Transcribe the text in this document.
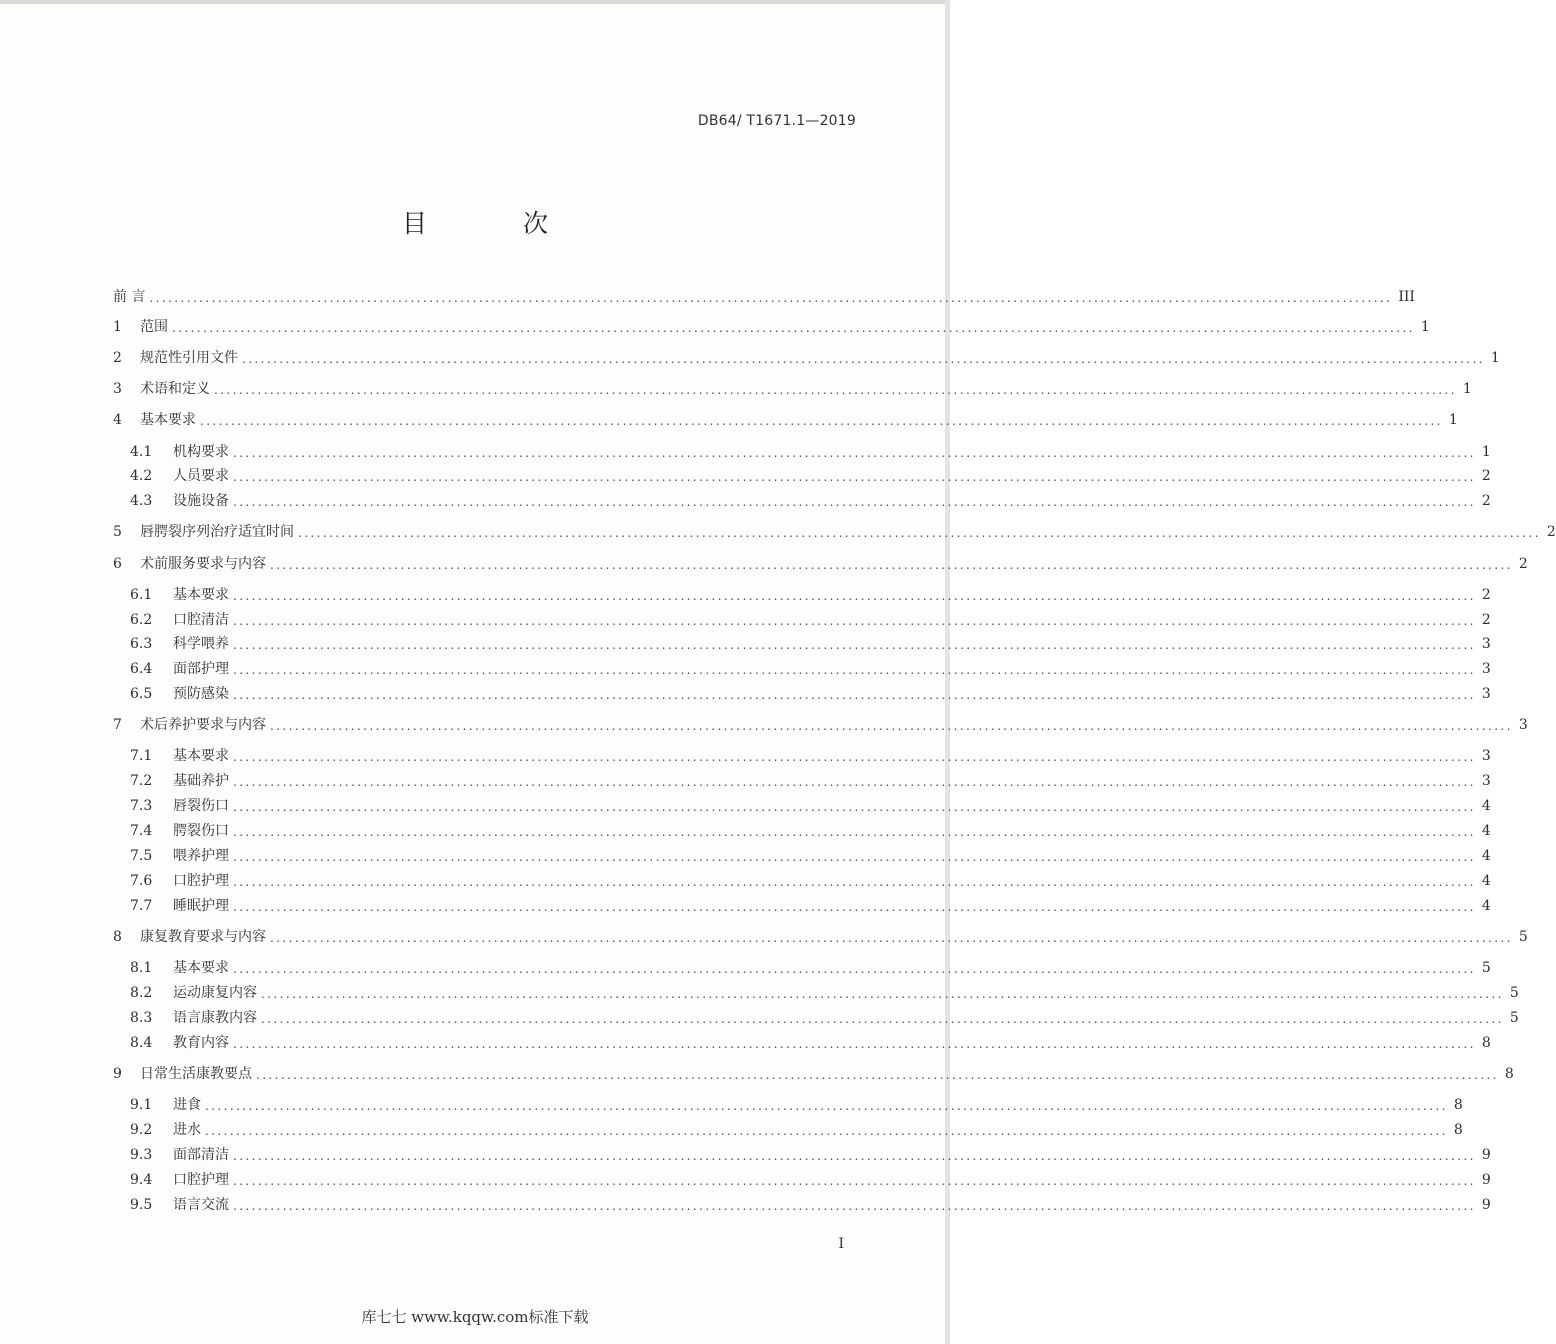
DB64/ T1671.1—2019
目 次
前 言 ........................................................................................................................................................................................................ III
1	范围 ........................................................................................................................................................................................................ 1
2	规范性引用文件 ........................................................................................................................................................................................................ 1
3	术语和定义 ........................................................................................................................................................................................................ 1
4	基本要求 ........................................................................................................................................................................................................ 1
4.1	机构要求 ........................................................................................................................................................................................................ 1
4.2	人员要求 ........................................................................................................................................................................................................ 2
4.3	设施设备 ........................................................................................................................................................................................................ 2
5	唇腭裂序列治疗适宜时间 ........................................................................................................................................................................................................ 2
6	术前服务要求与内容 ........................................................................................................................................................................................................ 2
6.1	基本要求 ........................................................................................................................................................................................................ 2
6.2	口腔清洁 ........................................................................................................................................................................................................ 2
6.3	科学喂养 ........................................................................................................................................................................................................ 3
6.4	面部护理 ........................................................................................................................................................................................................ 3
6.5	预防感染 ........................................................................................................................................................................................................ 3
7	术后养护要求与内容 ........................................................................................................................................................................................................ 3
7.1	基本要求 ........................................................................................................................................................................................................ 3
7.2	基础养护 ........................................................................................................................................................................................................ 3
7.3	唇裂伤口 ........................................................................................................................................................................................................ 4
7.4	腭裂伤口 ........................................................................................................................................................................................................ 4
7.5	喂养护理 ........................................................................................................................................................................................................ 4
7.6	口腔护理 ........................................................................................................................................................................................................ 4
7.7	睡眠护理 ........................................................................................................................................................................................................ 4
8	康复教育要求与内容 ........................................................................................................................................................................................................ 5
8.1	基本要求 ........................................................................................................................................................................................................ 5
8.2	运动康复内容 ........................................................................................................................................................................................................ 5
8.3	语言康教内容 ........................................................................................................................................................................................................ 5
8.4	教育内容 ........................................................................................................................................................................................................ 8
9	日常生活康教要点 ........................................................................................................................................................................................................ 8
9.1	进食 ........................................................................................................................................................................................................ 8
9.2	进水 ........................................................................................................................................................................................................ 8
9.3	面部清洁 ........................................................................................................................................................................................................ 9
9.4	口腔护理 ........................................................................................................................................................................................................ 9
9.5	语言交流 ........................................................................................................................................................................................................ 9
I
库七七 www.kqqw.com标准下载
